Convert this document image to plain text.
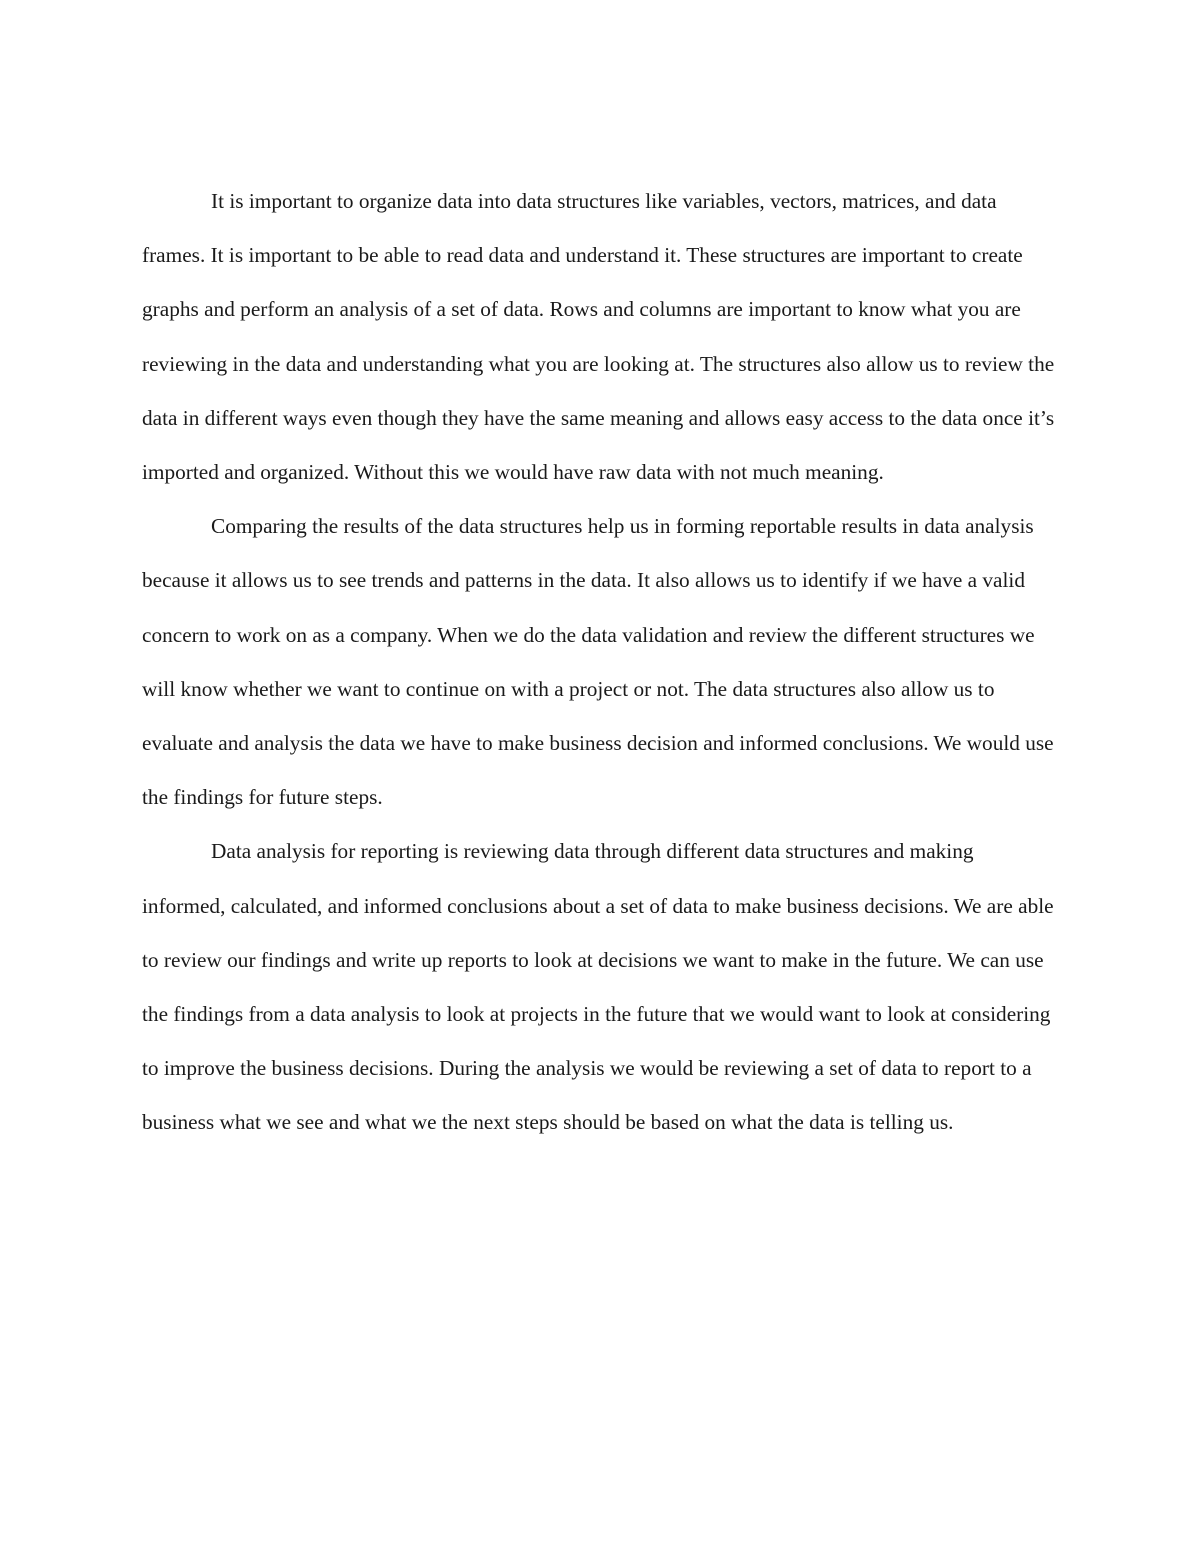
It is important to organize data into data structures like variables, vectors, matrices, and data frames. It is important to be able to read data and understand it. These structures are important to create graphs and perform an analysis of a set of data. Rows and columns are important to know what you are reviewing in the data and understanding what you are looking at. The structures also allow us to review the data in different ways even though they have the same meaning and allows easy access to the data once it’s imported and organized. Without this we would have raw data with not much meaning.

Comparing the results of the data structures help us in forming reportable results in data analysis because it allows us to see trends and patterns in the data. It also allows us to identify if we have a valid concern to work on as a company. When we do the data validation and review the different structures we will know whether we want to continue on with a project or not. The data structures also allow us to evaluate and analysis the data we have to make business decision and informed conclusions. We would use the findings for future steps.

Data analysis for reporting is reviewing data through different data structures and making informed, calculated, and informed conclusions about a set of data to make business decisions. We are able to review our findings and write up reports to look at decisions we want to make in the future. We can use the findings from a data analysis to look at projects in the future that we would want to look at considering to improve the business decisions. During the analysis we would be reviewing a set of data to report to a business what we see and what we the next steps should be based on what the data is telling us.
